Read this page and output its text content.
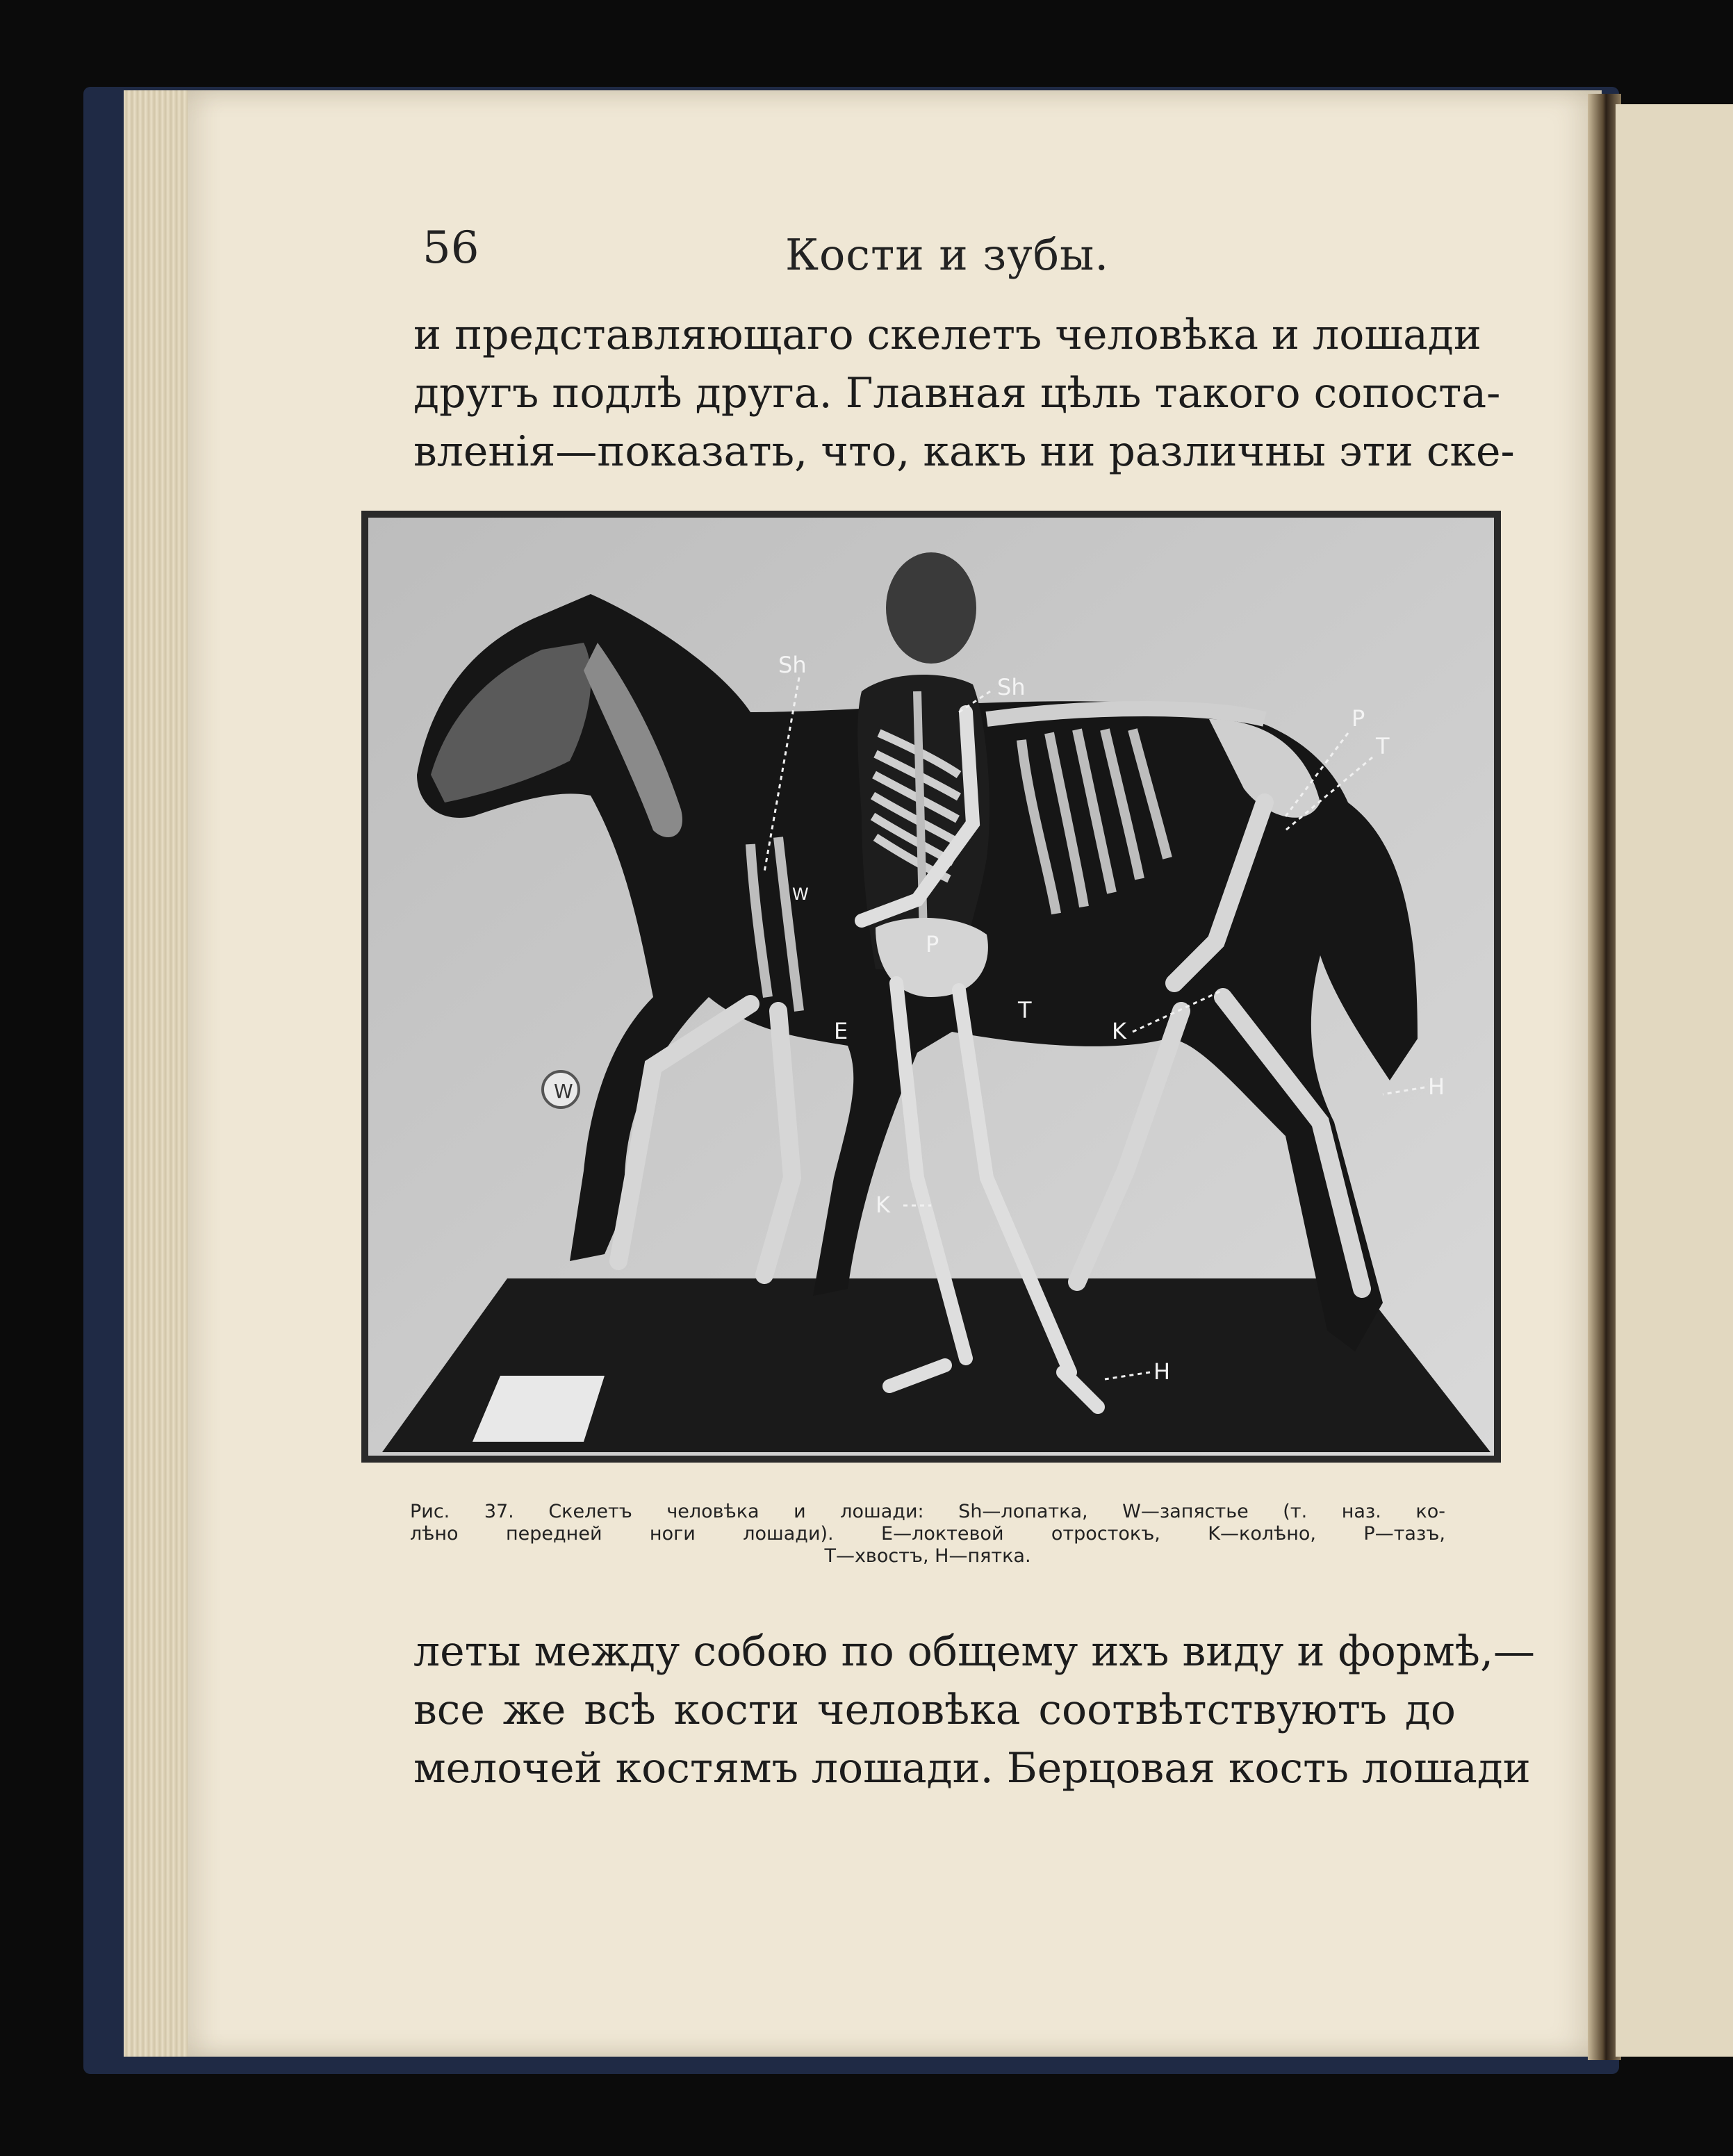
56	Кости и зубы.
и представляющаго скелетъ человѣка и лошади
другъ подлѣ друга. Главная цѣль такого сопоста-
вленія—показать, что, какъ ни различны эти ске-
Sh
Sh
P
T
W
P
T
E	K
H
K
H
W
Рис. 37. Скелетъ человѣка и лошади: Sh—лопатка, W—запястье (т. наз. ко-
лѣно передней ноги лошади). E—локтевой отростокъ, K—колѣно, P—тазъ,
T—хвостъ, H—пятка.
леты между собою по общему ихъ виду и формѣ,—
все же всѣ кости человѣка соотвѣтствуютъ до
мелочей костямъ лошади. Берцовая кость лошади
